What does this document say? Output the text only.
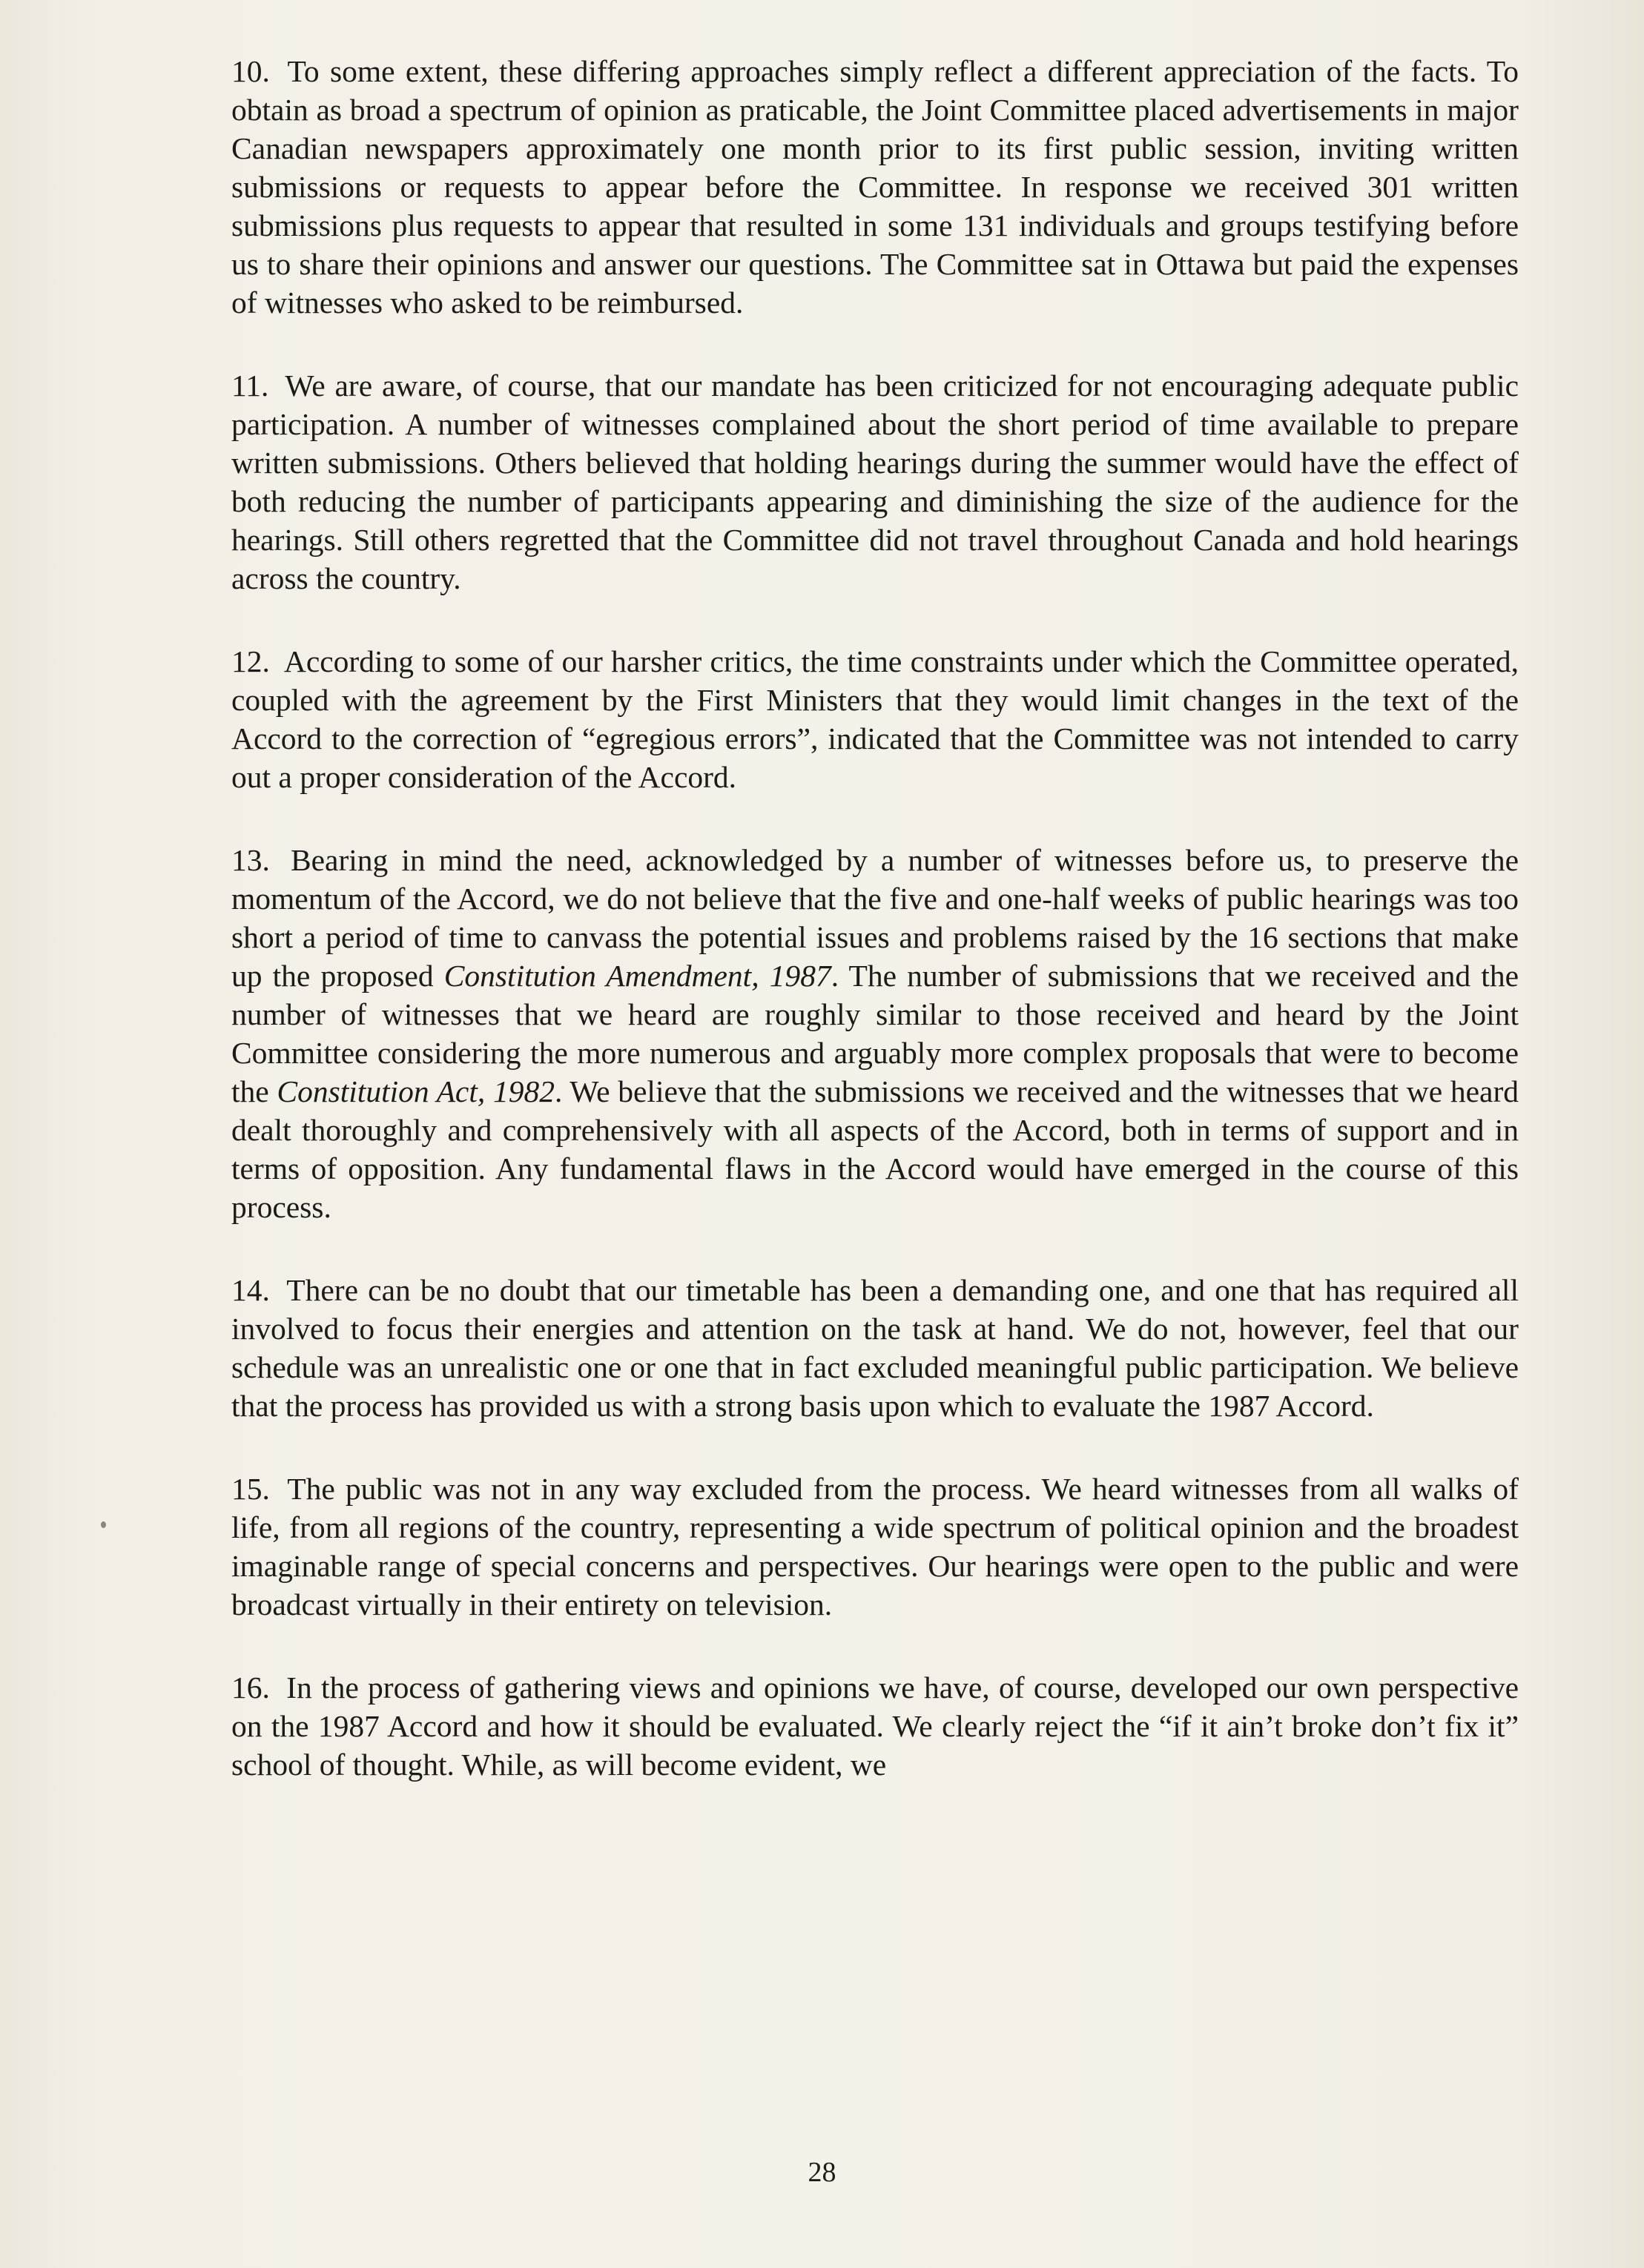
10. To some extent, these differing approaches simply reflect a different appreciation of the facts. To obtain as broad a spectrum of opinion as praticable, the Joint Committee placed advertisements in major Canadian newspapers approximately one month prior to its first public session, inviting written submissions or requests to appear before the Committee. In response we received 301 written submissions plus requests to appear that resulted in some 131 individuals and groups testifying before us to share their opinions and answer our questions. The Committee sat in Ottawa but paid the expenses of witnesses who asked to be reimbursed.

11. We are aware, of course, that our mandate has been criticized for not encouraging adequate public participation. A number of witnesses complained about the short period of time available to prepare written submissions. Others believed that holding hearings during the summer would have the effect of both reducing the number of participants appearing and diminishing the size of the audience for the hearings. Still others regretted that the Committee did not travel throughout Canada and hold hearings across the country.

12. According to some of our harsher critics, the time constraints under which the Committee operated, coupled with the agreement by the First Ministers that they would limit changes in the text of the Accord to the correction of “egregious errors”, indicated that the Committee was not intended to carry out a proper consideration of the Accord.

13. Bearing in mind the need, acknowledged by a number of witnesses before us, to preserve the momentum of the Accord, we do not believe that the five and one-half weeks of public hearings was too short a period of time to canvass the potential issues and problems raised by the 16 sections that make up the proposed Constitution Amendment, 1987. The number of submissions that we received and the number of witnesses that we heard are roughly similar to those received and heard by the Joint Committee considering the more numerous and arguably more complex proposals that were to become the Constitution Act, 1982. We believe that the submissions we received and the witnesses that we heard dealt thoroughly and comprehensively with all aspects of the Accord, both in terms of support and in terms of opposition. Any fundamental flaws in the Accord would have emerged in the course of this process.

14. There can be no doubt that our timetable has been a demanding one, and one that has required all involved to focus their energies and attention on the task at hand. We do not, however, feel that our schedule was an unrealistic one or one that in fact excluded meaningful public participation. We believe that the process has provided us with a strong basis upon which to evaluate the 1987 Accord.

15. The public was not in any way excluded from the process. We heard witnesses from all walks of life, from all regions of the country, representing a wide spectrum of political opinion and the broadest imaginable range of special concerns and perspectives. Our hearings were open to the public and were broadcast virtually in their entirety on television.

16. In the process of gathering views and opinions we have, of course, developed our own perspective on the 1987 Accord and how it should be evaluated. We clearly reject the “if it ain’t broke don’t fix it” school of thought. While, as will become evident, we

28
